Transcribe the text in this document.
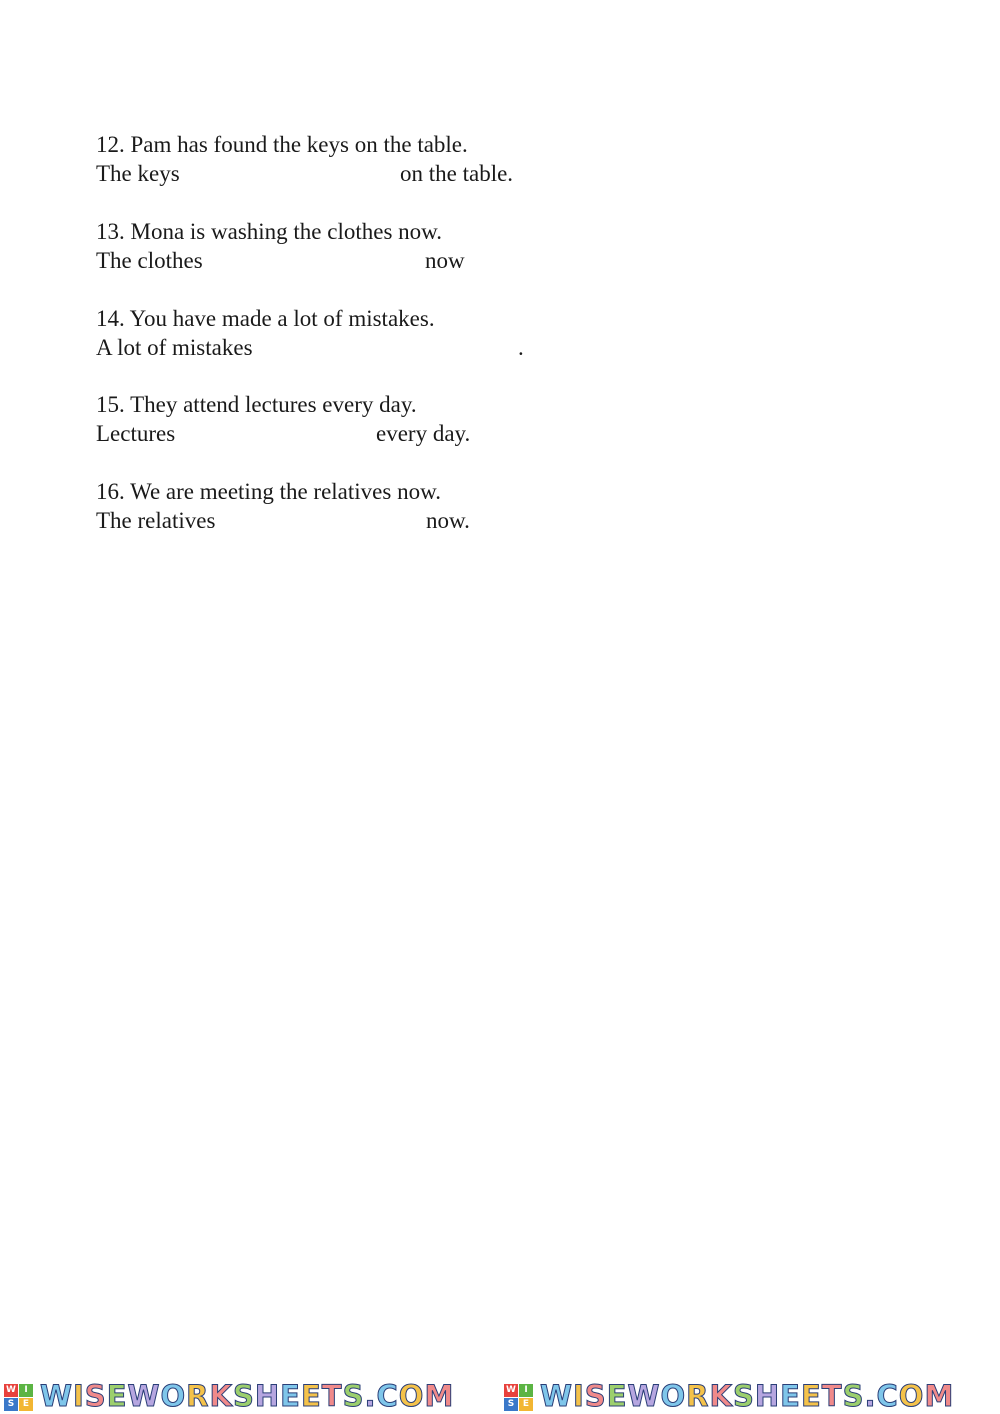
12. Pam has found the keys on the table.
The keys	on the table.
13. Mona is washing the clothes now.
The clothes	now
14. You have made a lot of mistakes.
A lot of mistakes	.
15. They attend lectures every day.
Lectures	every day.
16. We are meeting the relatives now.
The relatives	now.
W I
S E WISEWORKSHEETS.COM	W I
S E WISEWORKSHEETS.COM
